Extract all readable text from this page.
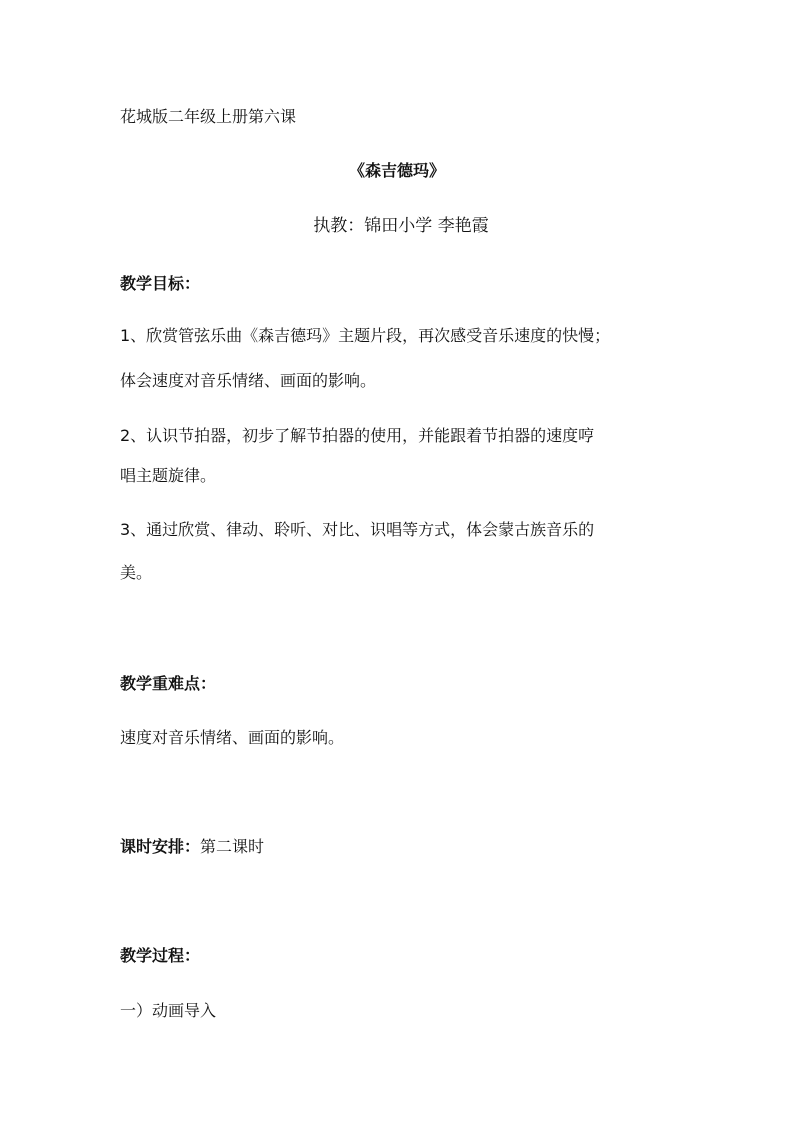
花城版二年级上册第六课
《森吉德玛》
执教：锦田小学 李艳霞
教学目标：
1、欣赏管弦乐曲《森吉德玛》主题片段，再次感受音乐速度的快慢；
体会速度对音乐情绪、画面的影响。
2、认识节拍器，初步了解节拍器的使用，并能跟着节拍器的速度哼
唱主题旋律。
3、通过欣赏、律动、聆听、对比、识唱等方式，体会蒙古族音乐的
美。
教学重难点：
速度对音乐情绪、画面的影响。
课时安排：第二课时
教学过程：
一）动画导入
